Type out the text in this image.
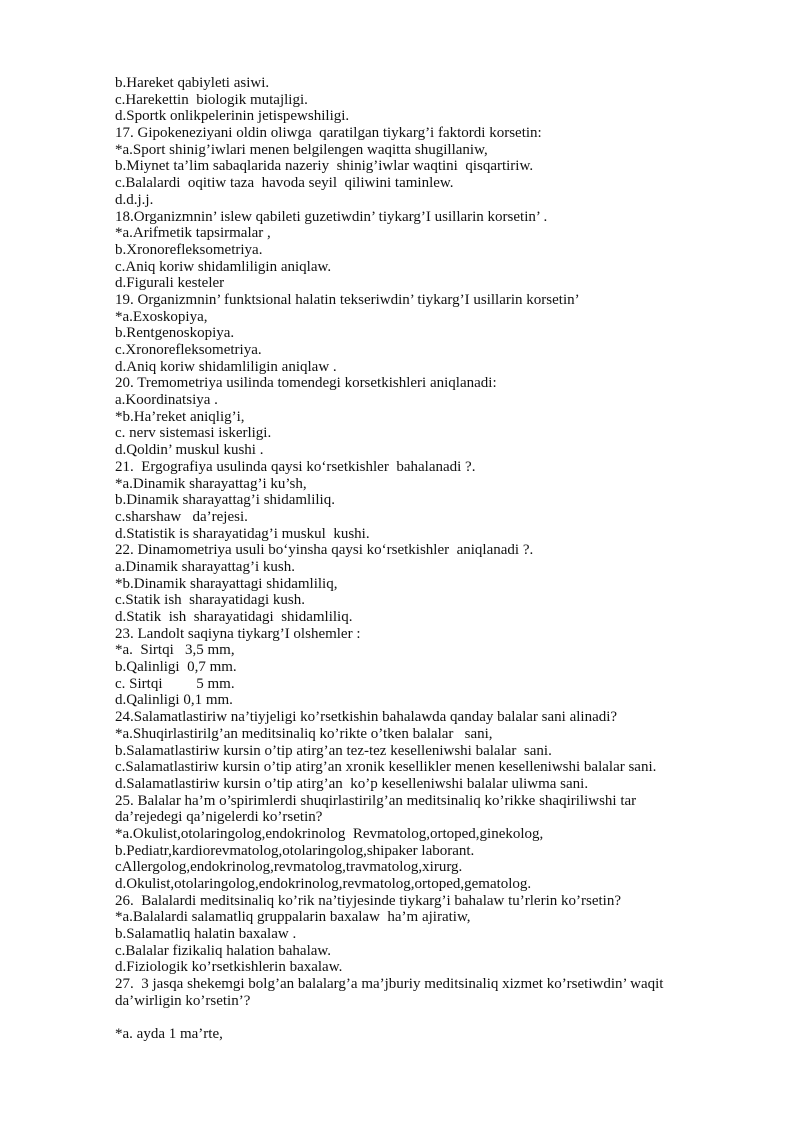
b.Hareket qabiyleti asiwi.
c.Harekettin  biologik mutajligi.
d.Sportk onlikpelerinin jetispewshiligi.
17. Gipokeneziyani oldin oliwga  qaratilgan tiykarg’i faktordi korsetin:
*a.Sport shinig’iwlari menen belgilengen waqitta shugillaniw,
b.Miynet ta’lim sabaqlarida nazeriy  shinig’iwlar waqtini  qisqartiriw.
c.Balalardi  oqitiw taza  havoda seyil  qiliwini taminlew.
d.d.j.j.
18.Organizmnin’ islew qabileti guzetiwdin’ tiykarg’I usillarin korsetin’ .
*a.Arifmetik tapsirmalar ,
b.Xronorefleksometriya.
c.Aniq koriw shidamliligin aniqlaw.
d.Figurali kesteler
19. Organizmnin’ funktsional halatin tekseriwdin’ tiykarg’I usillarin korsetin’
*a.Exoskopiya,
b.Rentgenoskopiya.
c.Xronorefleksometriya.
d.Aniq koriw shidamliligin aniqlaw .
20. Tremometriya usilinda tomendegi korsetkishleri aniqlanadi:
a.Koordinatsiya .
*b.Ha’reket aniqlig’i,
c. nerv sistemasi iskerligi.
d.Qoldin’ muskul kushi .
21.  Ergografiya usulinda qaysi ko‘rsetkishler  bahalanadi ?.
*a.Dinamik sharayattag’i ku’sh,
b.Dinamik sharayattag’i shidamliliq.
c.sharshaw   da’rejesi.
d.Statistik is sharayatidag’i muskul  kushi.
22. Dinamometriya usuli bo‘yinsha qaysi ko‘rsetkishler  aniqlanadi ?.
a.Dinamik sharayattag’i kush.
*b.Dinamik sharayattagi shidamliliq,
c.Statik ish  sharayatidagi kush.
d.Statik  ish  sharayatidagi  shidamliliq.
23. Landolt saqiyna tiykarg’I olshemler :
*a.  Sirtqi   3,5 mm,
b.Qalinligi  0,7 mm.
c. Sirtqi         5 mm.
d.Qalinligi 0,1 mm.
24.Salamatlastiriw na’tiyjeligi ko’rsetkishin bahalawda qanday balalar sani alinadi?
*a.Shuqirlastirilg’an meditsinaliq ko’rikte o’tken balalar   sani,
b.Salamatlastiriw kursin o’tip atirg’an tez-tez keselleniwshi balalar  sani.
c.Salamatlastiriw kursin o’tip atirg’an xronik kesellikler menen keselleniwshi balalar sani.
d.Salamatlastiriw kursin o’tip atirg’an  ko’p keselleniwshi balalar uliwma sani.
25. Balalar ha’m o’spirimlerdi shuqirlastirilg’an meditsinaliq ko’rikke shaqiriliwshi tar
da’rejedegi qa’nigelerdi ko’rsetin?
*a.Okulist,otolaringolog,endokrinolog  Revmatolog,ortoped,ginekolog,
b.Pediatr,kardiorevmatolog,otolaringolog,shipaker laborant.
cAllergolog,endokrinolog,revmatolog,travmatolog,xirurg.
d.Okulist,otolaringolog,endokrinolog,revmatolog,ortoped,gematolog.
26.  Balalardi meditsinaliq ko’rik na’tiyjesinde tiykarg’i bahalaw tu’rlerin ko’rsetin?
*a.Balalardi salamatliq gruppalarin baxalaw  ha’m ajiratiw,
b.Salamatliq halatin baxalaw .
c.Balalar fizikaliq halation bahalaw.
d.Fiziologik ko’rsetkishlerin baxalaw.
27.  3 jasqa shekemgi bolg’an balalarg’a ma’jburiy meditsinaliq xizmet ko’rsetiwdin’ waqit
da’wirligin ko’rsetin’?
*a. ayda 1 ma’rte,
